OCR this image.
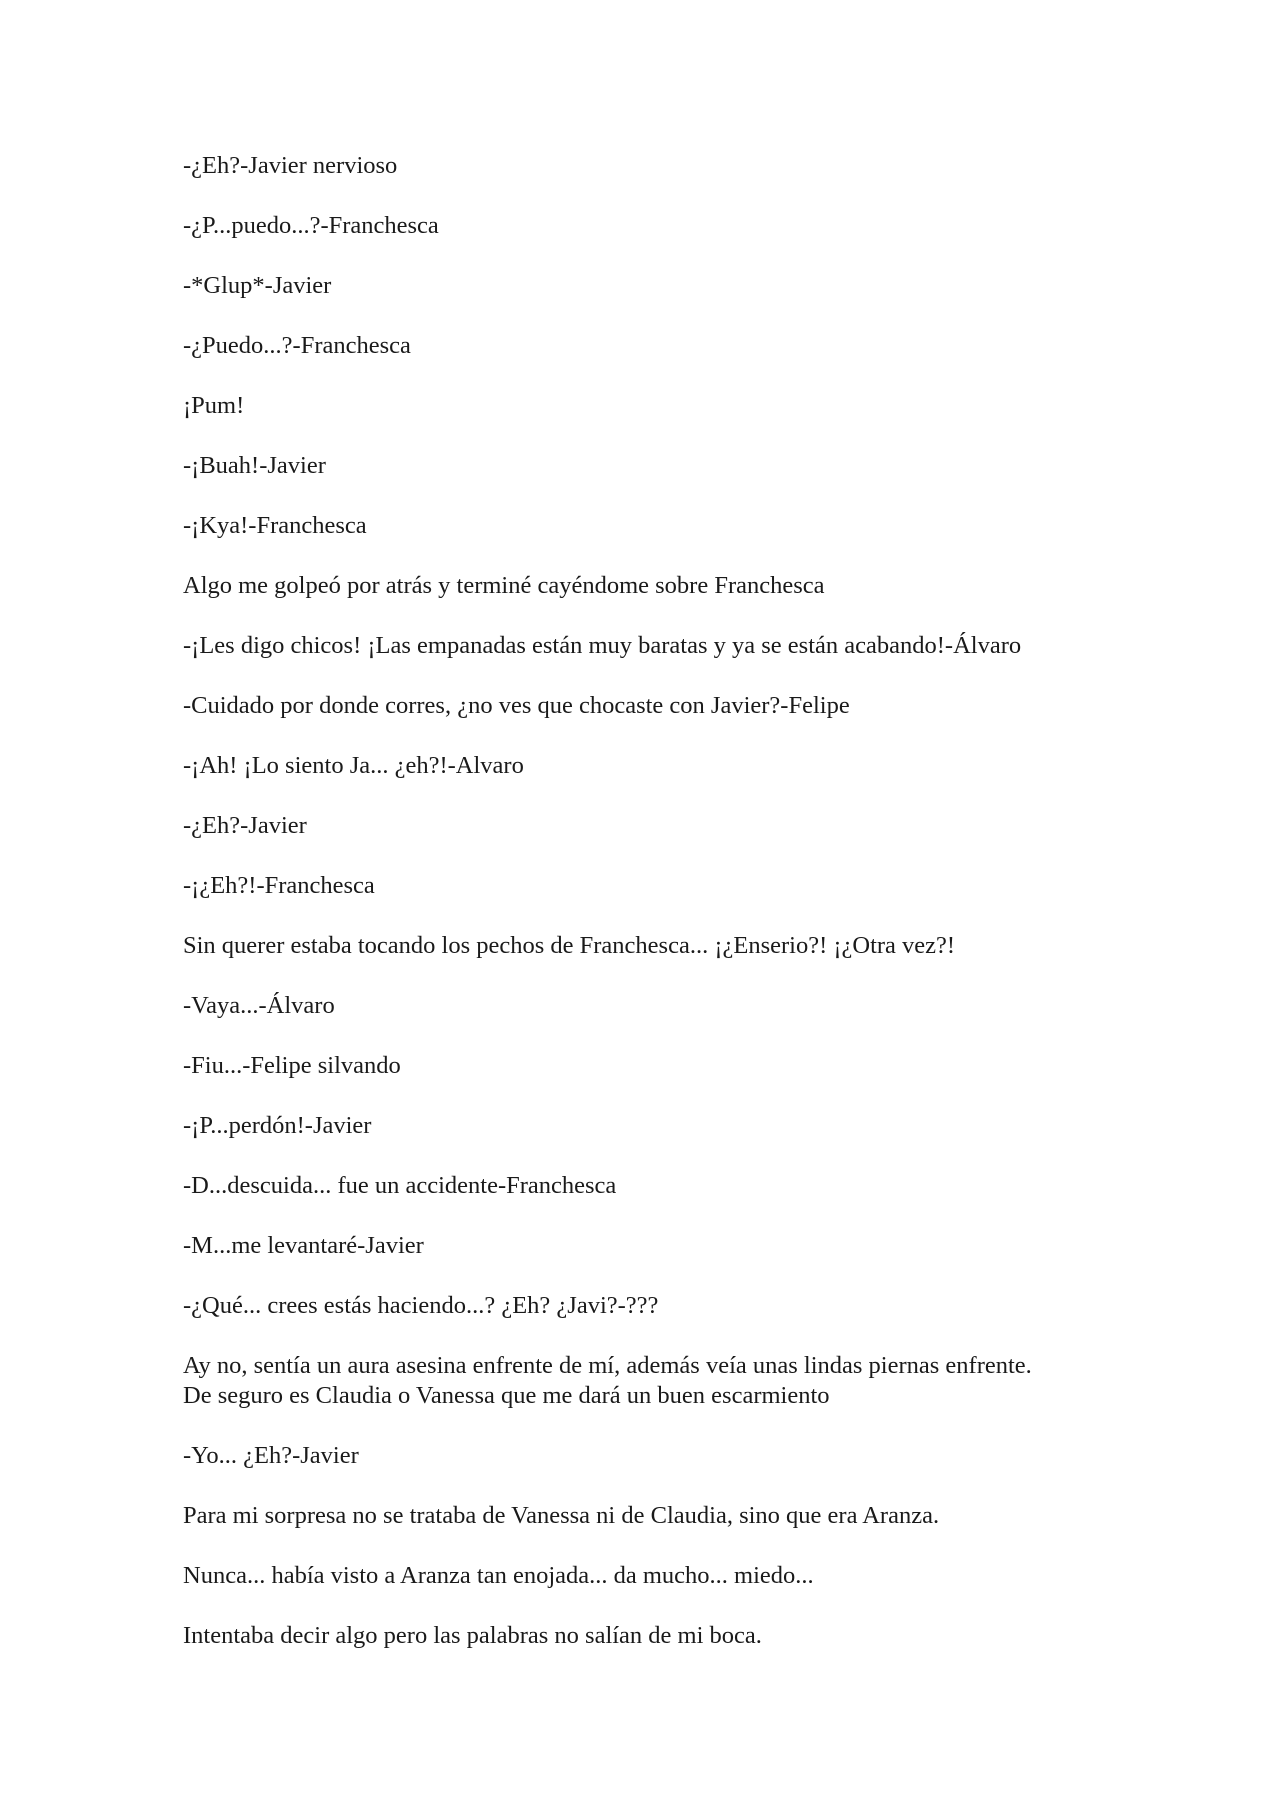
-¿Eh?-Javier nervioso

-¿P...puedo...?-Franchesca

-*Glup*-Javier

-¿Puedo...?-Franchesca

¡Pum!

-¡Buah!-Javier

-¡Kya!-Franchesca

Algo me golpeó por atrás y terminé cayéndome sobre Franchesca

-¡Les digo chicos! ¡Las empanadas están muy baratas y ya se están acabando!-Álvaro

-Cuidado por donde corres, ¿no ves que chocaste con Javier?-Felipe

-¡Ah! ¡Lo siento Ja... ¿eh?!-Alvaro

-¿Eh?-Javier

-¡¿Eh?!-Franchesca

Sin querer estaba tocando los pechos de Franchesca... ¡¿Enserio?! ¡¿Otra vez?!

-Vaya...-Álvaro

-Fiu...-Felipe silvando

-¡P...perdón!-Javier

-D...descuida... fue un accidente-Franchesca

-M...me levantaré-Javier

-¿Qué... crees estás haciendo...? ¿Eh? ¿Javi?-???

Ay no, sentía un aura asesina enfrente de mí, además veía unas lindas piernas enfrente.
De seguro es Claudia o Vanessa que me dará un buen escarmiento

-Yo... ¿Eh?-Javier

Para mi sorpresa no se trataba de Vanessa ni de Claudia, sino que era Aranza.

Nunca... había visto a Aranza tan enojada... da mucho... miedo...

Intentaba decir algo pero las palabras no salían de mi boca.
